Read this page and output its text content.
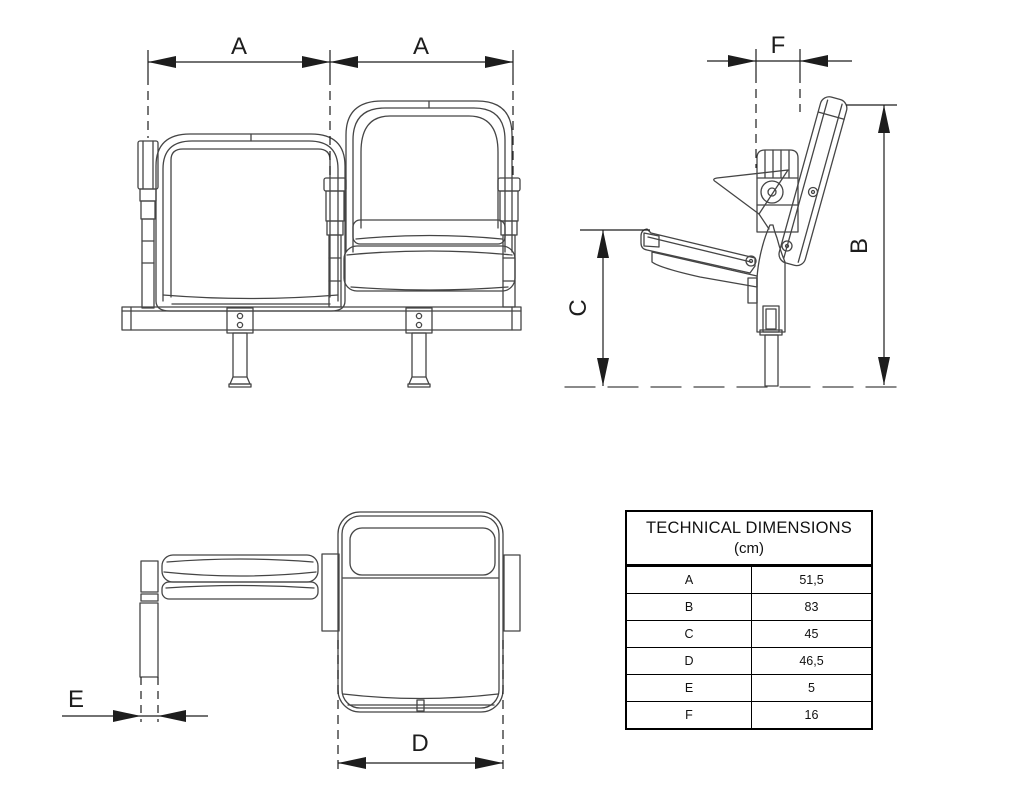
A	A	F
B
C
E
D
TECHNICAL DIMENSIONS
(cm)
A	51,5
B	83
C	45
D	46,5
E	5
F	16
